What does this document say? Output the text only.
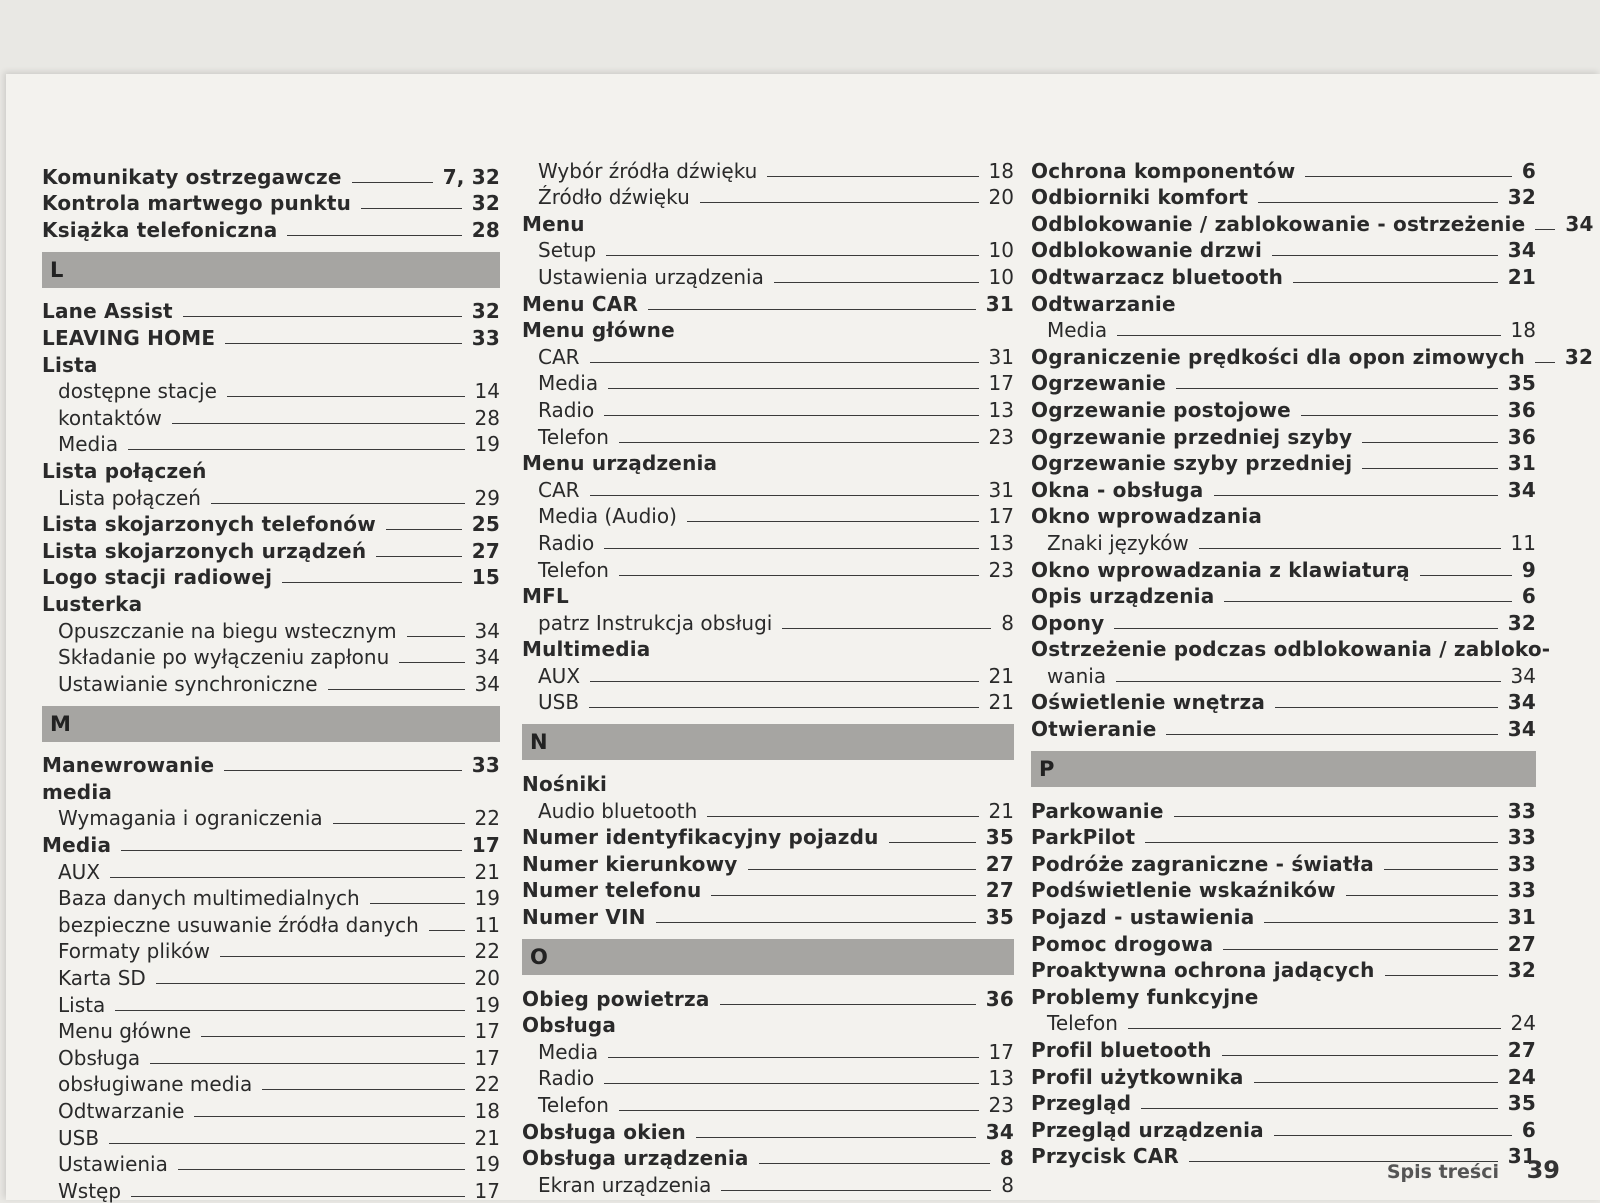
Komunikaty ostrzegawcze	7, 32
Kontrola martwego punktu	32
Książka telefoniczna	28
L
Lane Assist	32
LEAVING HOME	33
Lista
dostępne stacje	14
kontaktów	28
Media	19
Lista połączeń
Lista połączeń	29
Lista skojarzonych telefonów	25
Lista skojarzonych urządzeń	27
Logo stacji radiowej	15
Lusterka
Opuszczanie na biegu wstecznym	34
Składanie po wyłączeniu zapłonu	34
Ustawianie synchroniczne	34
M
Manewrowanie	33
media
Wymagania i ograniczenia	22
Media	17
AUX	21
Baza danych multimedialnych	19
bezpieczne usuwanie źródła danych	11
Formaty plików	22
Karta SD	20
Lista	19
Menu główne	17
Obsługa	17
obsługiwane media	22
Odtwarzanie	18
USB	21
Ustawienia	19
Wstęp	17
Wybór źródła dźwięku	18
Źródło dźwięku	20
Menu
Setup	10
Ustawienia urządzenia	10
Menu CAR	31
Menu główne
CAR	31
Media	17
Radio	13
Telefon	23
Menu urządzenia
CAR	31
Media (Audio)	17
Radio	13
Telefon	23
MFL
patrz Instrukcja obsługi	8
Multimedia
AUX	21
USB	21
N
Nośniki
Audio bluetooth	21
Numer identyfikacyjny pojazdu	35
Numer kierunkowy	27
Numer telefonu	27
Numer VIN	35
O
Obieg powietrza	36
Obsługa
Media	17
Radio	13
Telefon	23
Obsługa okien	34
Obsługa urządzenia	8
Ekran urządzenia	8
Ochrona komponentów	6
Odbiorniki komfort	32
Odblokowanie / zablokowanie - ostrzeżenie 34
Odblokowanie drzwi	34
Odtwarzacz bluetooth	21
Odtwarzanie
Media	18
Ograniczenie prędkości dla opon zimowych 32
Ogrzewanie	35
Ogrzewanie postojowe	36
Ogrzewanie przedniej szyby	36
Ogrzewanie szyby przedniej	31
Okna - obsługa	34
Okno wprowadzania
Znaki języków	11
Okno wprowadzania z klawiaturą	9
Opis urządzenia	6
Opony	32
Ostrzeżenie podczas odblokowania / zabloko-
wania	34
Oświetlenie wnętrza	34
Otwieranie	34
P
Parkowanie	33
ParkPilot	33
Podróże zagraniczne - światła	33
Podświetlenie wskaźników	33
Pojazd - ustawienia	31
Pomoc drogowa	27
Proaktywna ochrona jadących	32
Problemy funkcyjne
Telefon	24
Profil bluetooth	27
Profil użytkownika	24
Przegląd	35
Przegląd urządzenia	6
Przycisk CAR	31
Spis treści 39
